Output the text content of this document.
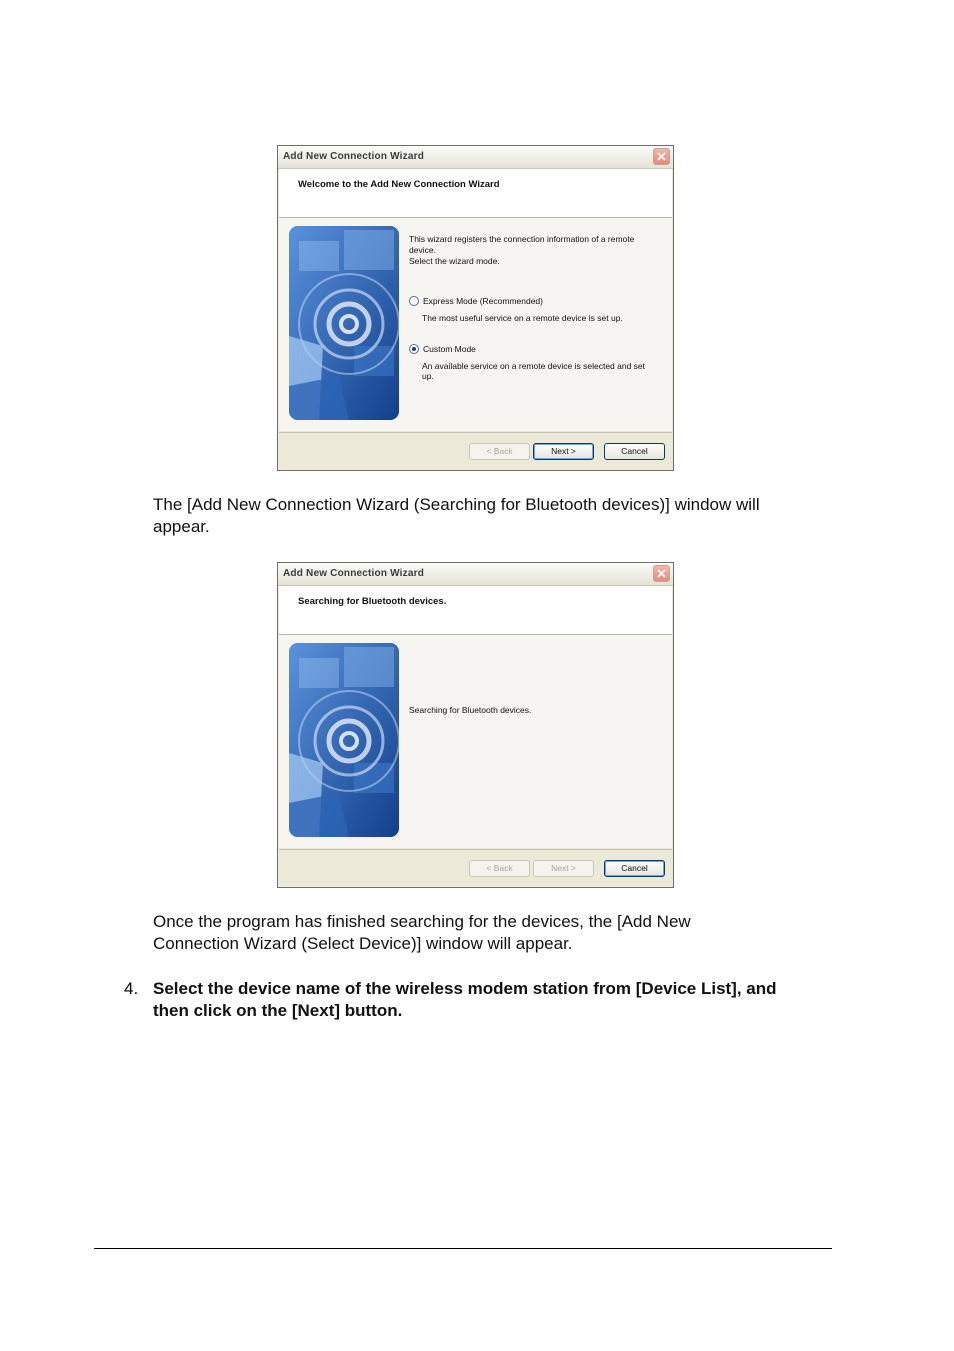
Add New Connection Wizard
Welcome to the Add New Connection Wizard

This wizard registers the connection information of a remote
device.
Select the wizard mode.

Express Mode (Recommended)
The most useful service on a remote device is set up.
Custom Mode
An available service on a remote device is selected and set
up.
< Back	Next >	Cancel
The [Add New Connection Wizard (Searching for Bluetooth devices)] window will
appear.
Add New Connection Wizard
Searching for Bluetooth devices.
Searching for Bluetooth devices.
< Back	Next >	Cancel
Once the program has finished searching for the devices, the [Add New
Connection Wizard (Select Device)] window will appear.
4. Select the device name of the wireless modem station from [Device List], and
then click on the [Next] button.
